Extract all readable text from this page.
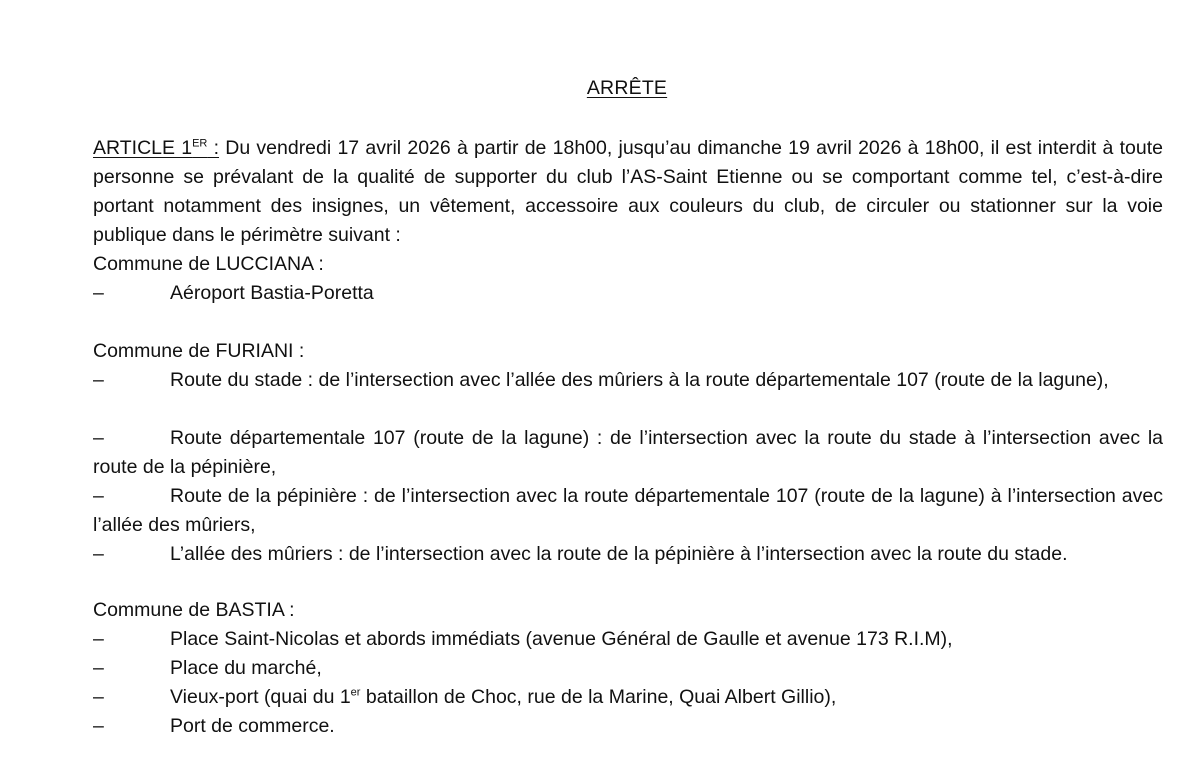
ARRÊTE
ARTICLE 1ER : Du vendredi 17 avril 2026 à partir de 18h00, jusqu’au dimanche 19 avril 2026 à 18h00, il est interdit à toute personne se prévalant de la qualité de supporter du club l’AS-Saint Etienne ou se comportant comme tel, c’est-à-dire portant notamment des insignes, un vêtement, accessoire aux couleurs du club, de circuler ou stationner sur la voie publique dans le périmètre suivant :
Commune de LUCCIANA :
–	Aéroport Bastia-Poretta
Commune de FURIANI :
–	Route du stade : de l’intersection avec l’allée des mûriers à la route départementale 107 (route de la lagune),
–	Route départementale 107 (route de la lagune) : de l’intersection avec la route du stade à l’intersection avec la route de la pépinière,
–	Route de la pépinière : de l’intersection avec la route départementale 107 (route de la lagune) à l’intersection avec l’allée des mûriers,
–	L’allée des mûriers : de l’intersection avec la route de la pépinière à l’intersection avec la route du stade.
Commune de BASTIA :
–	Place Saint-Nicolas et abords immédiats (avenue Général de Gaulle et avenue 173 R.I.M),
–	Place du marché,
–	Vieux-port (quai du 1er bataillon de Choc, rue de la Marine, Quai Albert Gillio),
–	Port de commerce.
